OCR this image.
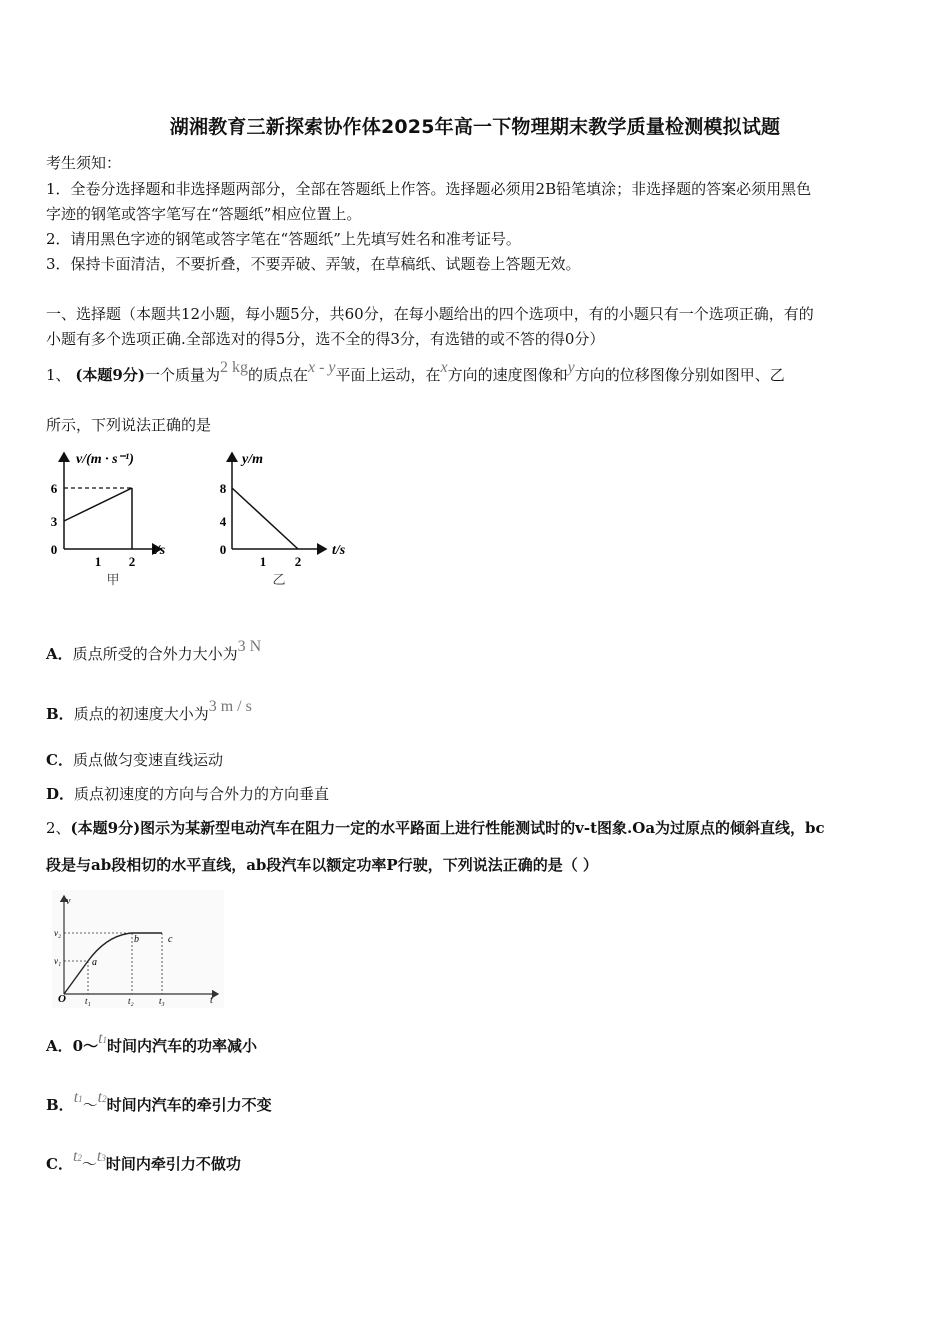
湖湘教育三新探索协作体2025年高一下物理期末教学质量检测模拟试题
考生须知：
1．全卷分选择题和非选择题两部分，全部在答题纸上作答。选择题必须用2B铅笔填涂；非选择题的答案必须用黑色
字迹的钢笔或答字笔写在“答题纸”相应位置上。
2．请用黑色字迹的钢笔或答字笔在“答题纸”上先填写姓名和准考证号。
3．保持卡面清洁，不要折叠，不要弄破、弄皱，在草稿纸、试题卷上答题无效。
一、选择题（本题共12小题，每小题5分，共60分，在每小题给出的四个选项中，有的小题只有一个选项正确，有的
小题有多个选项正确.全部选对的得5分，选不全的得3分，有选错的或不答的得0分）
1、 (本题9分)一个质量为2 kg的质点在x - y平面上运动，在x方向的速度图像和y方向的位移图像分别如图甲、乙
所示，下列说法正确的是
v/(m · s⁻¹)
6
3
0
1 2
t/s
甲
y/m
8
4
0
1 2
t/s
乙
A．质点所受的合外力大小为3 N
B．质点的初速度大小为3 m / s
C．质点做匀变速直线运动
D．质点初速度的方向与合外力的方向垂直
2、(本题9分)图示为某新型电动汽车在阻力一定的水平路面上进行性能测试时的v-t图象.Oa为过原点的倾斜直线，bc
段是与ab段相切的水平直线，ab段汽车以额定功率P行驶，下列说法正确的是（ ）
v
v₂
v₁
O
a
b	c
t₁	t₂	t₃	t
A．$0\sim t^1$时间内汽车的功率减小
B．$t^1\sim t^2$时间内汽车的牵引力不变
C．$t^2\sim t^3$时间内牵引力不做功
